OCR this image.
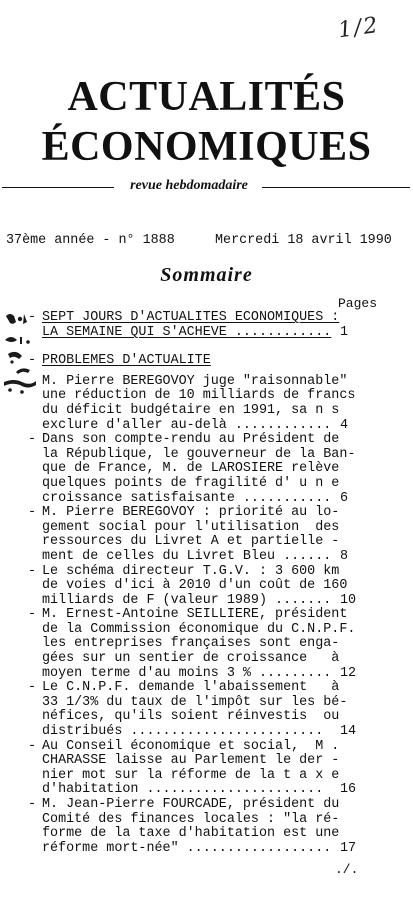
1/2
ACTUALITÉS
ÉCONOMIQUES
revue hebdomadaire
37ème année - n° 1888	Mercredi 18 avril 1990
Sommaire
Pages
- SEPT JOURS D'ACTUALITES ECONOMIQUES :
LA SEMAINE QUI S'ACHEVE ............ 1
- PROBLEMES D'ACTUALITE
M. Pierre BEREGOVOY juge "raisonnable"
une réduction de 10 milliards de francs
du déficit budgétaire en 1991, sa n s
exclure d'aller au-delà ............ 4
- Dans son compte-rendu au Président de
la République, le gouverneur de la Ban-
que de France, M. de LAROSIERE relève
quelques points de fragilité d' u n e
croissance satisfaisante ........... 6
- M. Pierre BEREGOVOY : priorité au lo-
gement social pour l'utilisation  des
ressources du Livret A et partielle -
ment de celles du Livret Bleu ...... 8
- Le schéma directeur T.G.V. : 3 600 km
de voies d'ici à 2010 d'un coût de 160
milliards de F (valeur 1989) ....... 10
- M. Ernest-Antoine SEILLIERE, président
de la Commission économique du C.N.P.F.
les entreprises françaises sont enga-
gées sur un sentier de croissance   à
moyen terme d'au moins 3 % ......... 12
- Le C.N.P.F. demande l'abaissement   à
33 1/3% du taux de l'impôt sur les bé-
néfices, qu'ils soient réinvestis  ou
distribués ........................ 14
- Au Conseil économique et social,  M .
CHARASSE laisse au Parlement le der -
nier mot sur la réforme de la t a x e
d'habitation ...................... 16
- M. Jean-Pierre FOURCADE, président du
Comité des finances locales : "la ré-
forme de la taxe d'habitation est une
réforme mort-née" .................. 17
./.
